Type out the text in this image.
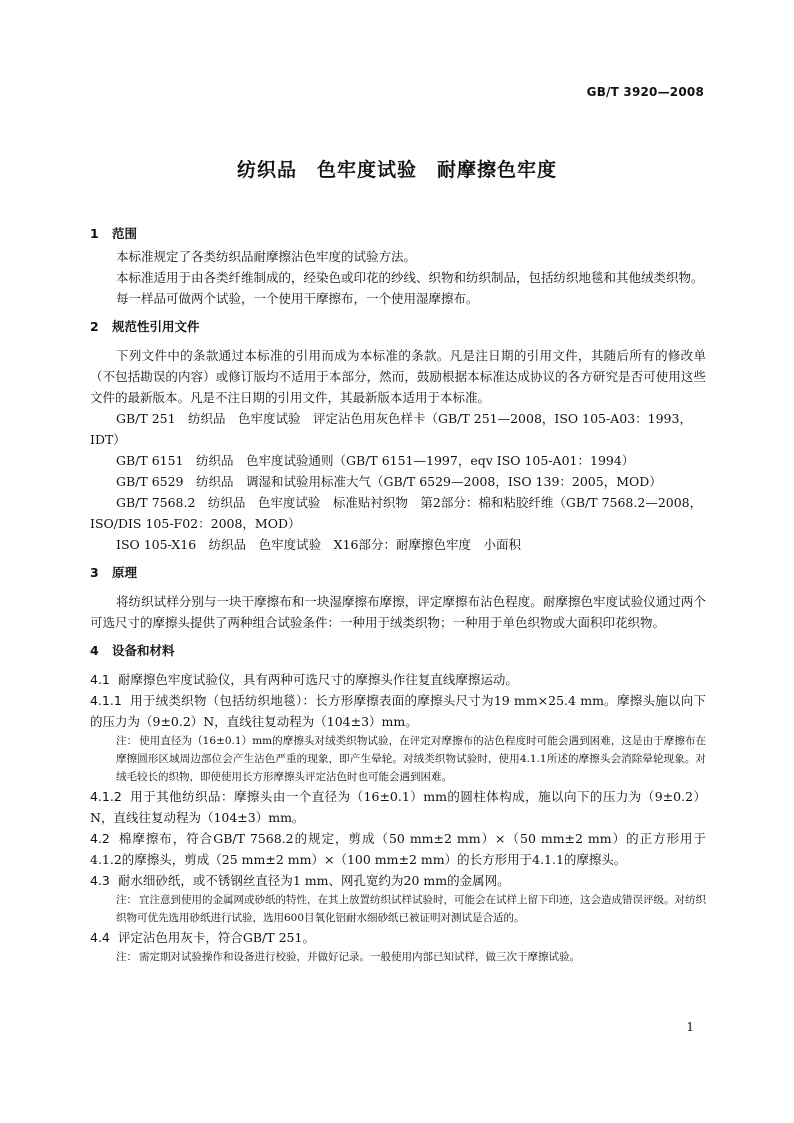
GB/T 3920—2008
纺织品　色牢度试验　耐摩擦色牢度
1 范围

本标准规定了各类纺织品耐摩擦沾色牢度的试验方法。

本标准适用于由各类纤维制成的，经染色或印花的纱线、织物和纺织制品，包括纺织地毯和其他绒类织物。

每一样品可做两个试验，一个使用干摩擦布，一个使用湿摩擦布。

2 规范性引用文件

下列文件中的条款通过本标准的引用而成为本标准的条款。凡是注日期的引用文件，其随后所有的修改单（不包括勘误的内容）或修订版均不适用于本部分，然而，鼓励根据本标准达成协议的各方研究是否可使用这些文件的最新版本。凡是不注日期的引用文件，其最新版本适用于本标准。

GB/T 251　纺织品　色牢度试验　评定沾色用灰色样卡（GB/T 251—2008，ISO 105-A03：1993，IDT）

GB/T 6151　纺织品　色牢度试验通则（GB/T 6151—1997，eqv ISO 105-A01：1994）

GB/T 6529　纺织品　调湿和试验用标准大气（GB/T 6529—2008，ISO 139：2005，MOD）

GB/T 7568.2　纺织品　色牢度试验　标准贴衬织物　第2部分：棉和粘胶纤维（GB/T 7568.2—2008，ISO/DIS 105-F02：2008，MOD）

ISO 105-X16　纺织品　色牢度试验　X16部分：耐摩擦色牢度　小面积

3 原理

将纺织试样分别与一块干摩擦布和一块湿摩擦布摩擦，评定摩擦布沾色程度。耐摩擦色牢度试验仪通过两个可选尺寸的摩擦头提供了两种组合试验条件：一种用于绒类织物；一种用于单色织物或大面积印花织物。

4 设备和材料

4.1 耐摩擦色牢度试验仪，具有两种可选尺寸的摩擦头作往复直线摩擦运动。

4.1.1 用于绒类织物（包括纺织地毯）：长方形摩擦表面的摩擦头尺寸为19 mm×25.4 mm。摩擦头施以向下的压力为（9±0.2）N，直线往复动程为（104±3）mm。

注： 使用直径为（16±0.1）mm的摩擦头对绒类织物试验，在评定对摩擦布的沾色程度时可能会遇到困难，这是由于摩擦布在摩擦圆形区域周边部位会产生沾色严重的现象，即产生晕轮。对绒类织物试验时，使用4.1.1所述的摩擦头会消除晕轮现象。对绒毛较长的织物，即使使用长方形摩擦头评定沾色时也可能会遇到困难。

4.1.2 用于其他纺织品：摩擦头由一个直径为（16±0.1）mm的圆柱体构成，施以向下的压力为（9±0.2）N，直线往复动程为（104±3）mm。

4.2 棉摩擦布，符合GB/T 7568.2的规定，剪成（50 mm±2 mm）×（50 mm±2 mm）的正方形用于4.1.2的摩擦头，剪成（25 mm±2 mm）×（100 mm±2 mm）的长方形用于4.1.1的摩擦头。

4.3 耐水细砂纸，或不锈钢丝直径为1 mm、网孔宽约为20 mm的金属网。

注： 宜注意到使用的金属网或砂纸的特性，在其上放置纺织试样试验时，可能会在试样上留下印迹，这会造成错误评级。对纺织织物可优先选用砂纸进行试验，选用600目氧化铝耐水细砂纸已被证明对测试是合适的。

4.4 评定沾色用灰卡，符合GB/T 251。

注： 需定期对试验操作和设备进行校验，并做好记录。一般使用内部已知试样，做三次干摩擦试验。

1
